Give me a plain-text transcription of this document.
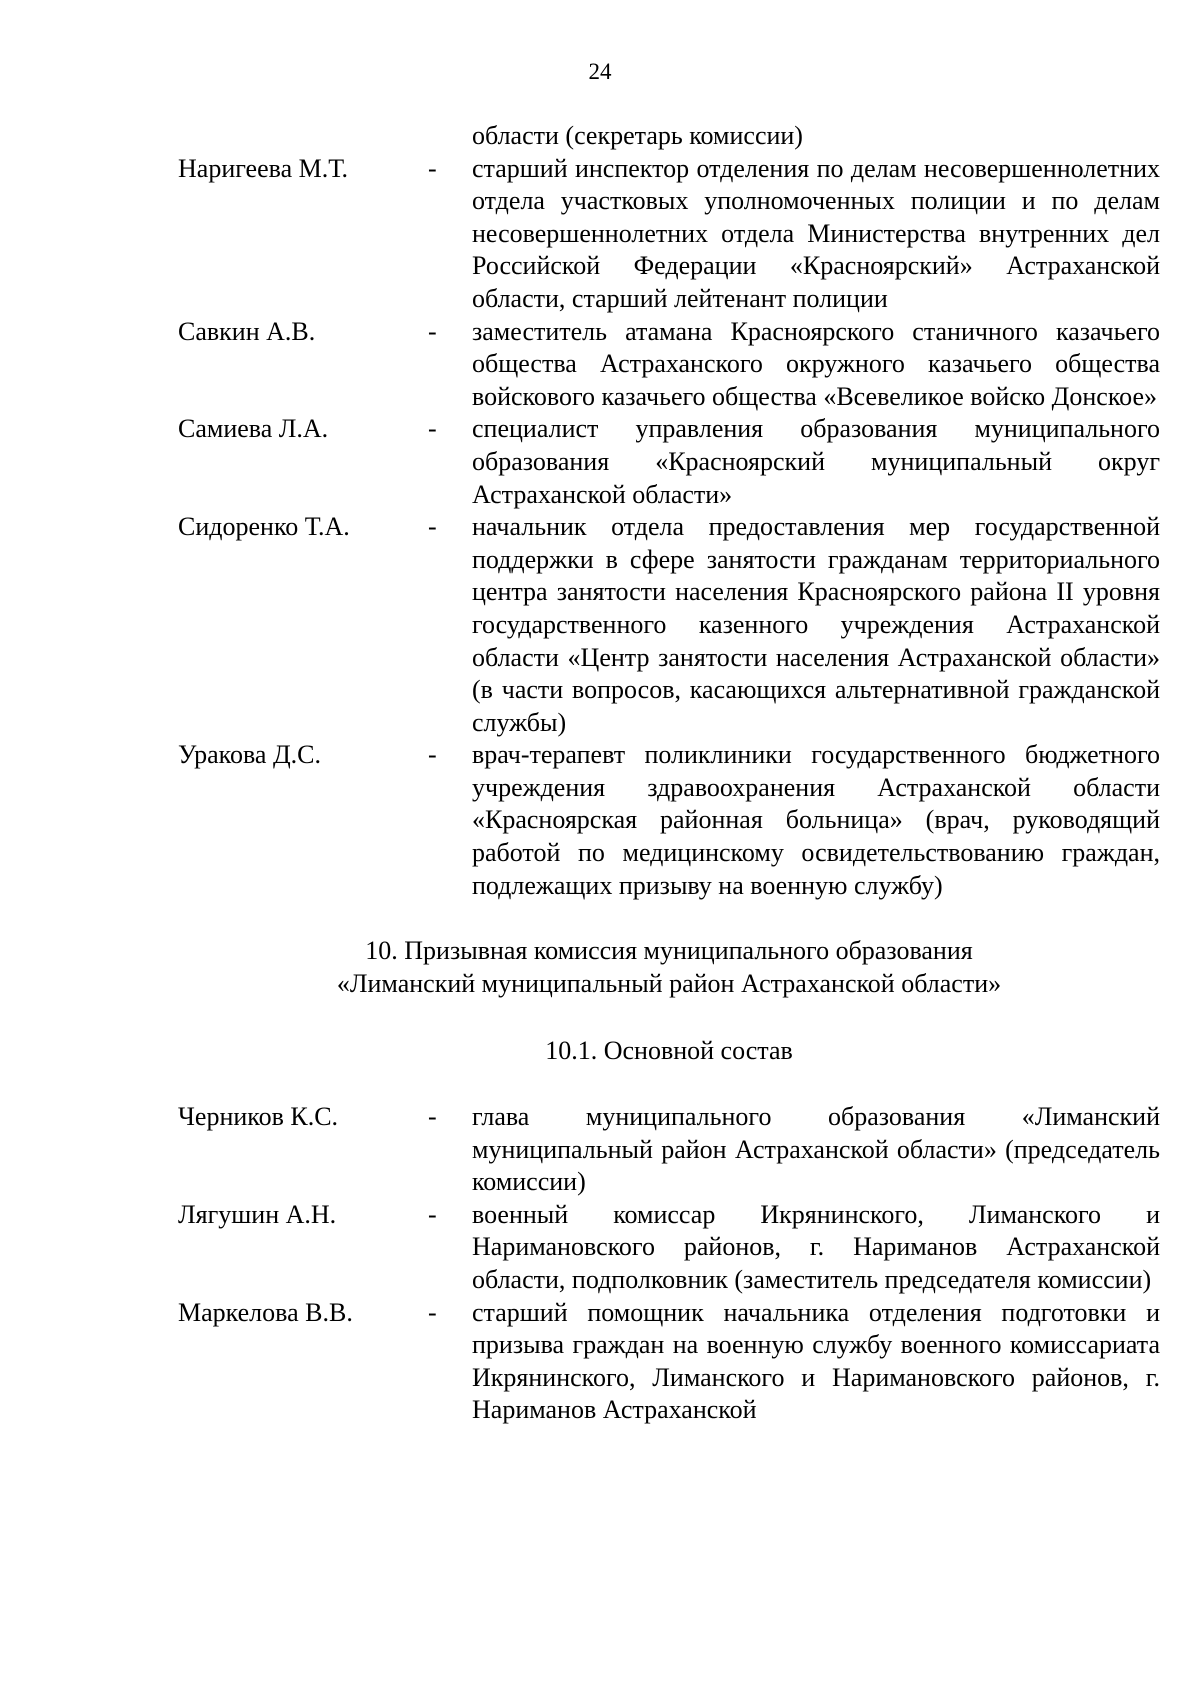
24
области (секретарь комиссии)
Наригеева М.Т.	-	старший инспектор отделения по делам несовершеннолетних отдела участковых уполномоченных полиции и по делам несовершеннолетних отдела Министерства внутренних дел Российской Федерации «Красноярский» Астраханской области, старший лейтенант полиции
Савкин А.В.	-	заместитель атамана Красноярского станичного казачьего общества Астраханского окружного казачьего общества войскового казачьего общества «Всевеликое войско Донское»
Самиева Л.А.	-	специалист управления образования муниципального образования «Красноярский муниципальный округ Астраханской области»
Сидоренко Т.А.	-	начальник отдела предоставления мер государственной поддержки в сфере занятости гражданам территориального центра занятости населения Красноярского района II уровня государственного казенного учреждения Астраханской области «Центр занятости населения Астраханской области» (в части вопросов, касающихся альтернативной гражданской службы)
Уракова Д.С.	-	врач-терапевт поликлиники государственного бюджетного учреждения здравоохранения Астраханской области «Красноярская районная больница» (врач, руководящий работой по медицинскому освидетельствованию граждан, подлежащих призыву на военную службу)
10. Призывная комиссия муниципального образования
«Лиманский муниципальный район Астраханской области»
10.1. Основной состав
Черников К.С.	-	глава муниципального образования «Лиманский муниципальный район Астраханской области» (председатель комиссии)
Лягушин А.Н.	-	военный комиссар Икрянинского, Лиманского и Наримановского районов, г. Нариманов Астраханской области, подполковник (заместитель председателя комиссии)
Маркелова В.В.	-	старший помощник начальника отделения подготовки и призыва граждан на военную службу военного комиссариата Икрянинского, Лиманского и Наримановского районов, г. Нариманов Астраханской
